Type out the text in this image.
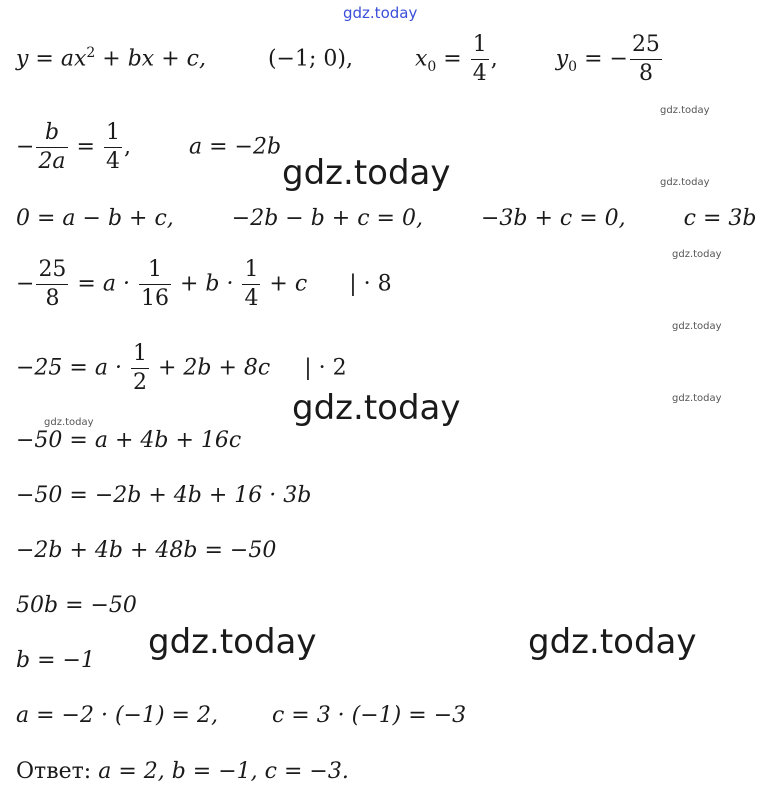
gdz.today
$y = ax^2$ + bx + c,	(−1; 0),	$x_0 = \frac{1}{4}$ ,	$y_0$ = − $\frac{25}{8}$
gdz.today
− $\frac{b}{2a} = \frac{1}{4}$ ,	a = −2b
gdz.today	gdz.today
0 = a − b + c,	−2b − b + c = 0,	−3b + c = 0,	c = 3b
gdz.today
− $\frac{25}{8} = a \cdot \frac{1}{16} + b \cdot \frac{1}{4} + c$ | · 8
gdz.today
$-25 = a \cdot \frac{1}{2} + 2b + 8c$ | · 2
gdz.today
gdz.today
gdz.today
−50 = a + 4b + 16c
−50 = −2b + 4b + 16 · 3b
−2b + 4b + 48b = −50
50b = −50
gdz.today	gdz.today
b = −1
a = −2 · (−1) = 2, c = 3 · (−1) = −3
Ответ: a = 2, b = −1, c = −3.
